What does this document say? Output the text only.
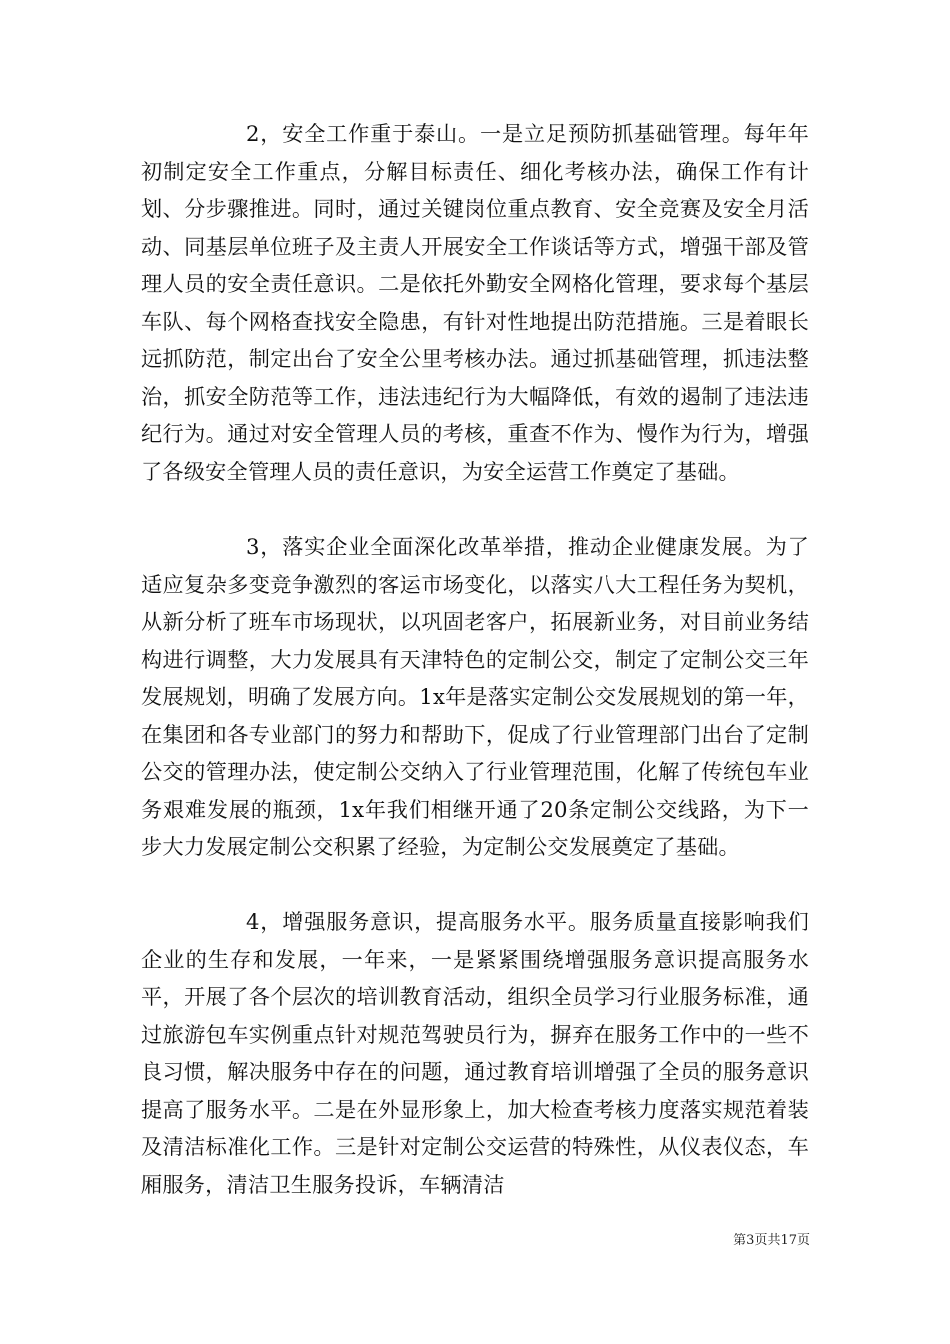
2，安全工作重于泰山。一是立足预防抓基础管理。每年年初制定安全工作重点，分解目标责任、细化考核办法，确保工作有计划、分步骤推进。同时，通过关键岗位重点教育、安全竞赛及安全月活动、同基层单位班子及主责人开展安全工作谈话等方式，增强干部及管理人员的安全责任意识。二是依托外勤安全网格化管理，要求每个基层车队、每个网格查找安全隐患，有针对性地提出防范措施。三是着眼长远抓防范，制定出台了安全公里考核办法。通过抓基础管理，抓违法整治，抓安全防范等工作，违法违纪行为大幅降低，有效的遏制了违法违纪行为。通过对安全管理人员的考核，重查不作为、慢作为行为，增强了各级安全管理人员的责任意识，为安全运营工作奠定了基础。

3，落实企业全面深化改革举措，推动企业健康发展。为了适应复杂多变竞争激烈的客运市场变化，以落实八大工程任务为契机，从新分析了班车市场现状，以巩固老客户，拓展新业务，对目前业务结构进行调整，大力发展具有天津特色的定制公交，制定了定制公交三年发展规划，明确了发展方向。1x年是落实定制公交发展规划的第一年，在集团和各专业部门的努力和帮助下，促成了行业管理部门出台了定制公交的管理办法，使定制公交纳入了行业管理范围，化解了传统包车业务艰难发展的瓶颈，1x年我们相继开通了20条定制公交线路，为下一步大力发展定制公交积累了经验，为定制公交发展奠定了基础。

4，增强服务意识，提高服务水平。服务质量直接影响我们企业的生存和发展，一年来，一是紧紧围绕增强服务意识提高服务水平，开展了各个层次的培训教育活动，组织全员学习行业服务标准，通过旅游包车实例重点针对规范驾驶员行为，摒弃在服务工作中的一些不良习惯，解决服务中存在的问题，通过教育培训增强了全员的服务意识提高了服务水平。二是在外显形象上，加大检查考核力度落实规范着装及清洁标准化工作。三是针对定制公交运营的特殊性，从仪表仪态，车厢服务，清洁卫生服务投诉，车辆清洁

第3页共17页
